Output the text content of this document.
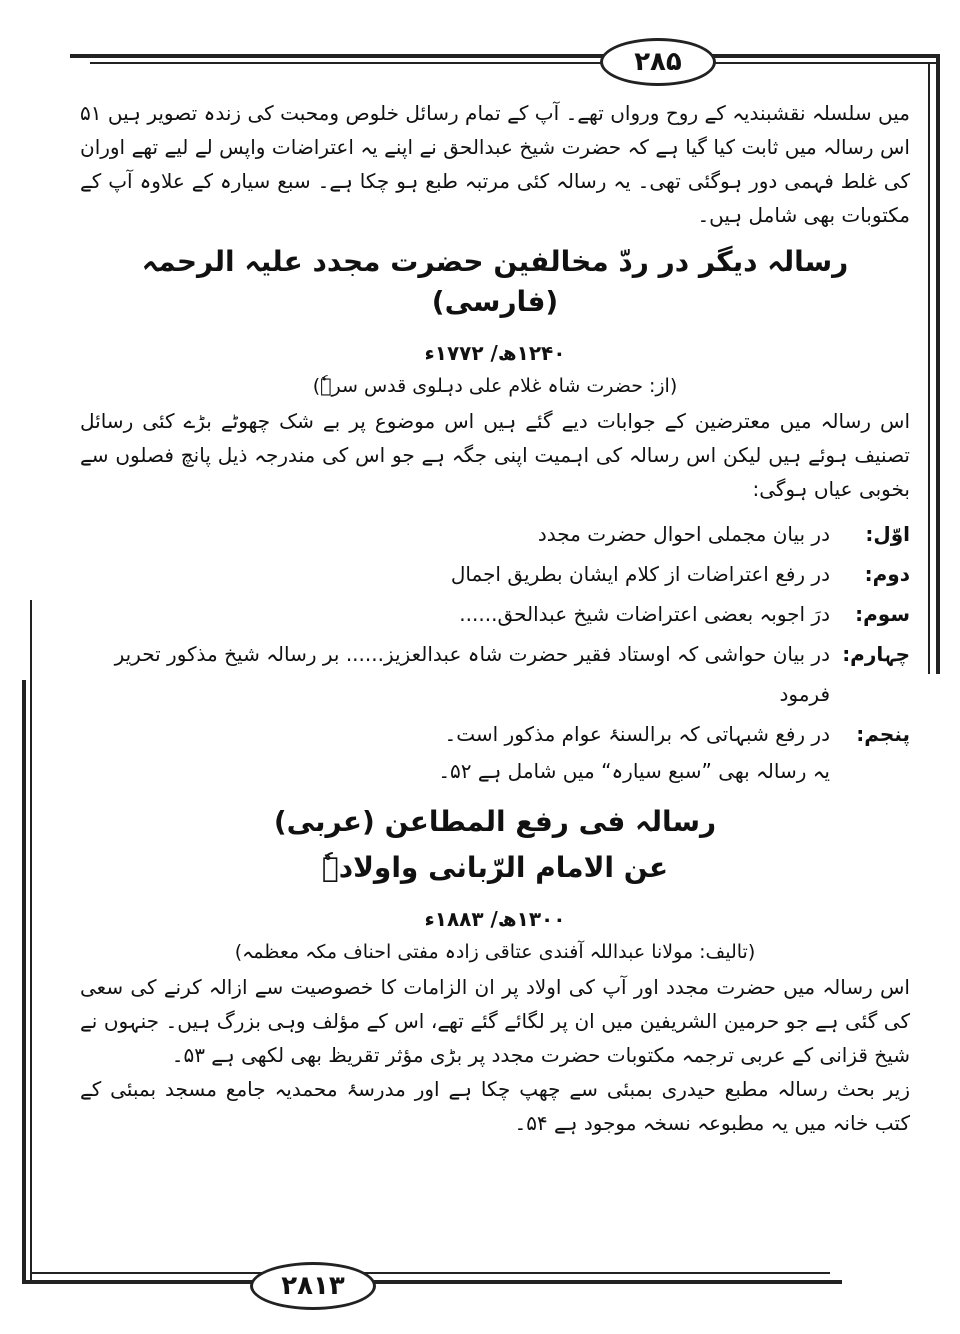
۲۸۵

میں سلسلہ نقشبندیہ کے روح ورواں تھے۔ آپ کے تمام رسائل خلوص ومحبت کی زندہ تصویر ہیں ۵۱ اس رسالہ میں ثابت کیا گیا ہے کہ حضرت شیخ عبدالحق نے اپنے یہ اعتراضات واپس لے لیے تھے اوران کی غلط فہمی دور ہوگئی تھی۔ یہ رسالہ کئی مرتبہ طبع ہو چکا ہے۔ سبع سیارہ کے علاوہ آپ کے مکتوبات بھی شامل ہیں۔

رسالہ دیگر در ردّ مخالفین حضرت مجدد علیہ الرحمہ (فارسی)
۱۲۴۰ھ/ ۱۷۷۲ء
(از: حضرت شاہ غلام علی دہلوی قدس سرہٗ)

اس رسالہ میں معترضین کے جوابات دیے گئے ہیں اس موضوع پر بے شک چھوٹے بڑے کئی رسائل تصنیف ہوئے ہیں لیکن اس رسالہ کی اہمیت اپنی جگہ ہے جو اس کی مندرجہ ذیل پانچ فصلوں سے بخوبی عیاں ہوگی:

اوّل:
در بیان مجملی احوال حضرت مجدد
دوم:
در رفع اعتراضات از کلام ایشان بطریق اجمال
سوم:
درَ اجوبہ بعضی اعتراضات شیخ عبدالحق......
چہارم:
در بیان حواشی کہ اوستاد فقیر حضرت شاہ عبدالعزیز...... بر رسالہ شیخ مذکور تحریر فرمود
پنجم:
در رفع شبہاتی کہ برالسنۂ عوام مذکور است۔

یہ رسالہ بھی ”سبع سیارہ“ میں شامل ہے ۵۲۔

رسالہ فی رفع المطاعن (عربی)
عن الامام الرّبانی واولادہٗ
۱۳۰۰ھ/ ۱۸۸۳ء
(تالیف: مولانا عبداللہ آفندی عتاقی زادہ مفتی احناف مکہ معظمہ)

اس رسالہ میں حضرت مجدد اور آپ کی اولاد پر ان الزامات کا خصوصیت سے ازالہ کرنے کی سعی کی گئی ہے جو حرمین الشریفین میں ان پر لگائے گئے تھے، اس کے مؤلف وہی بزرگ ہیں۔ جنہوں نے شیخ قزانی کے عربی ترجمہ مکتوبات حضرت مجدد پر بڑی مؤثر تقریظ بھی لکھی ہے ۵۳۔

زیر بحث رسالہ مطبع حیدری بمبئی سے چھپ چکا ہے اور مدرسۂ محمدیہ جامع مسجد بمبئی کے کتب خانہ میں یہ مطبوعہ نسخہ موجود ہے ۵۴۔

۲۸۱۳
